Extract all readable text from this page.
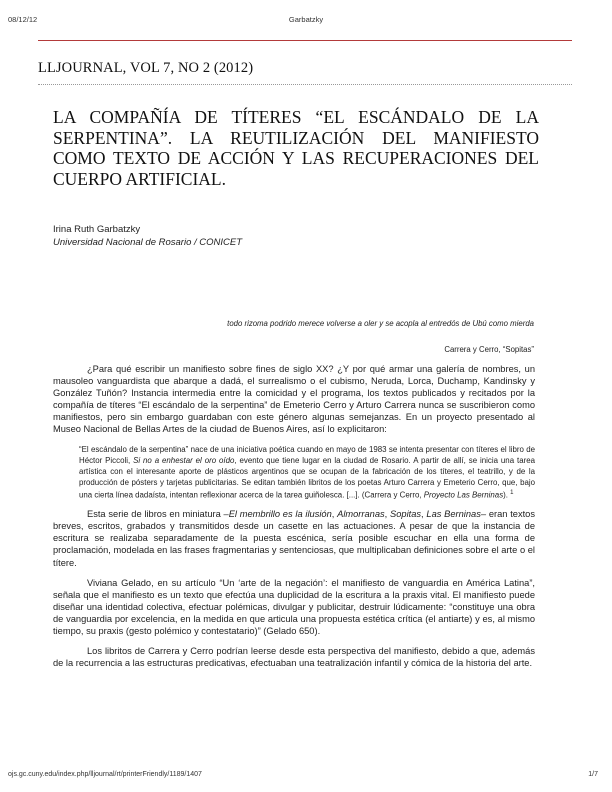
08/12/12	Garbatzky
LLJOURNAL, VOL 7, NO 2 (2012)
LA COMPAÑÍA DE TÍTERES “EL ESCÁNDALO DE LA SERPENTINA”. LA REUTILIZACIÓN DEL MANIFIESTO COMO TEXTO DE ACCIÓN Y LAS RECUPERACIONES DEL CUERPO ARTIFICIAL.
Irina Ruth Garbatzky
Universidad Nacional de Rosario / CONICET
todo rizoma podrido merece volverse a oler y se acopla al entredós de Ubú como mierda
Carrera y Cerro, “Sopitas”

¿Para qué escribir un manifiesto sobre fines de siglo XX? ¿Y por qué armar una galería de nombres, un mausoleo vanguardista que abarque a dadá, el surrealismo o el cubismo, Neruda, Lorca, Duchamp, Kandinsky y González Tuñón? Instancia intermedia entre la comicidad y el programa, los textos publicados y recitados por la compañía de títeres “El escándalo de la serpentina” de Emeterio Cerro y Arturo Carrera nunca se suscribieron como manifiestos, pero sin embargo guardaban con este género algunas semejanzas. En un proyecto presentado al Museo Nacional de Bellas Artes de la ciudad de Buenos Aires, así lo explicitaron:

“El escándalo de la serpentina” nace de una iniciativa poética cuando en mayo de 1983 se intenta presentar con títeres el libro de Héctor Piccoli, Si no a enhestar el oro oído, evento que tiene lugar en la ciudad de Rosario. A partir de allí, se inicia una tarea artística con el interesante aporte de plásticos argentinos que se ocupan de la fabricación de los títeres, el teatrillo, y de la producción de pósters y tarjetas publicitarias. Se editan también libritos de los poetas Arturo Carrera y Emeterio Cerro, que, bajo una cierta línea dadaísta, intentan reflexionar acerca de la tarea guiñolesca. [...]. (Carrera y Cerro, Proyecto Las Berninas). $^1$

Esta serie de libros en miniatura –El membrillo es la ilusión, Almorranas, Sopitas, Las Berninas– eran textos breves, escritos, grabados y transmitidos desde un casette en las actuaciones. A pesar de que la instancia de escritura se realizaba separadamente de la puesta escénica, sería posible escuchar en ella una forma de proclamación, modelada en las frases fragmentarias y sentenciosas, que multiplicaban definiciones sobre el arte o el títere.

Viviana Gelado, en su artículo “Un ‘arte de la negación’: el manifiesto de vanguardia en América Latina”, señala que el manifiesto es un texto que efectúa una duplicidad de la escritura a la praxis vital. El manifiesto puede diseñar una identidad colectiva, efectuar polémicas, divulgar y publicitar, destruir lúdicamente: “constituye una obra de vanguardia por excelencia, en la medida en que articula una propuesta estética crítica (el antiarte) y es, al mismo tiempo, su praxis (gesto polémico y contestatario)” (Gelado 650).

Los libritos de Carrera y Cerro podrían leerse desde esta perspectiva del manifiesto, debido a que, además de la recurrencia a las estructuras predicativas, efectuaban una teatralización infantil y cómica de la historia del arte.

ojs.gc.cuny.edu/index.php/lljournal/rt/printerFriendly/1189/1407	1/7
